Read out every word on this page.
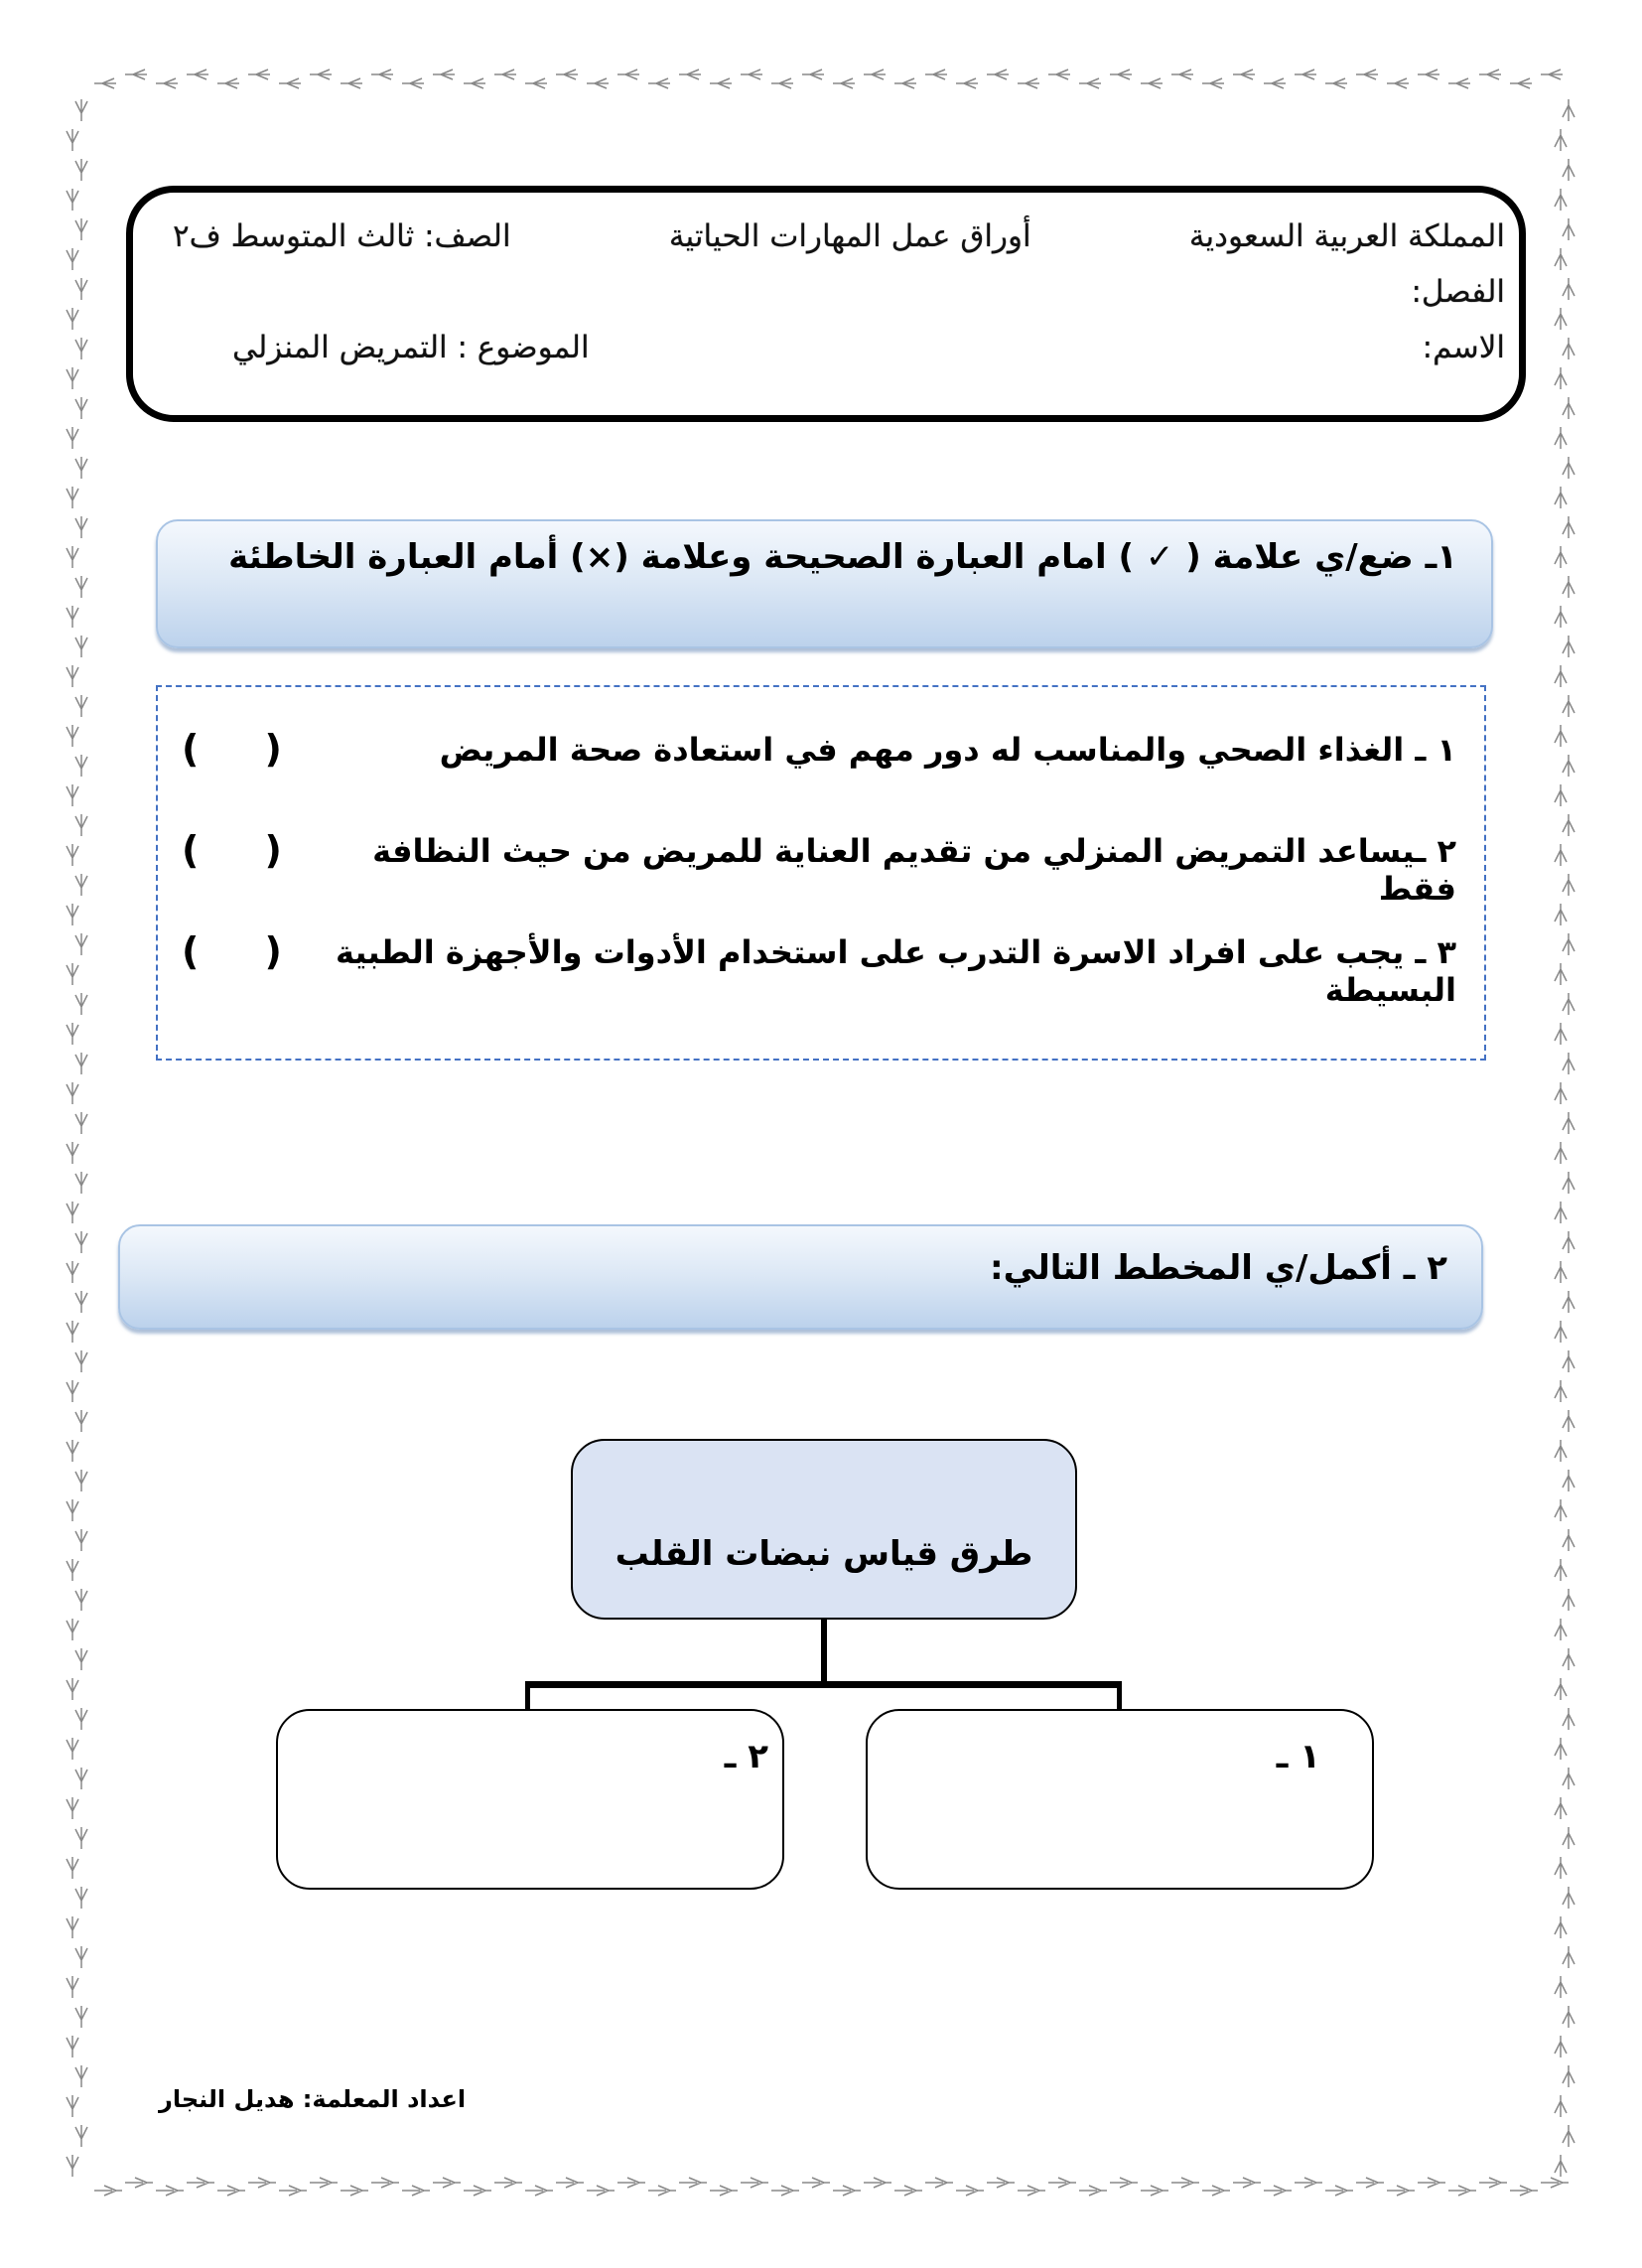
المملكة العربية السعودية
أوراق عمل المهارات الحياتية
الصف: ثالث المتوسط ف٢
الفصل:
الاسم:
الموضوع : التمريض المنزلي
١ـ ضع/ي علامة ( ✓ ) امام العبارة الصحيحة وعلامة (×) أمام العبارة الخاطئة
١ ـ الغذاء الصحي والمناسب له دور مهم في استعادة صحة المريض
(     )
٢ ـيساعد التمريض المنزلي من تقديم العناية للمريض من حيث النظافة فقط
(     )
٣ ـ يجب على افراد الاسرة التدرب على استخدام الأدوات والأجهزة الطبية البسيطة
(     )
٢ ـ أكمل/ي المخطط التالي:
طرق قياس نبضات القلب
١ ـ
٢ ـ
اعداد المعلمة: هديل النجار
